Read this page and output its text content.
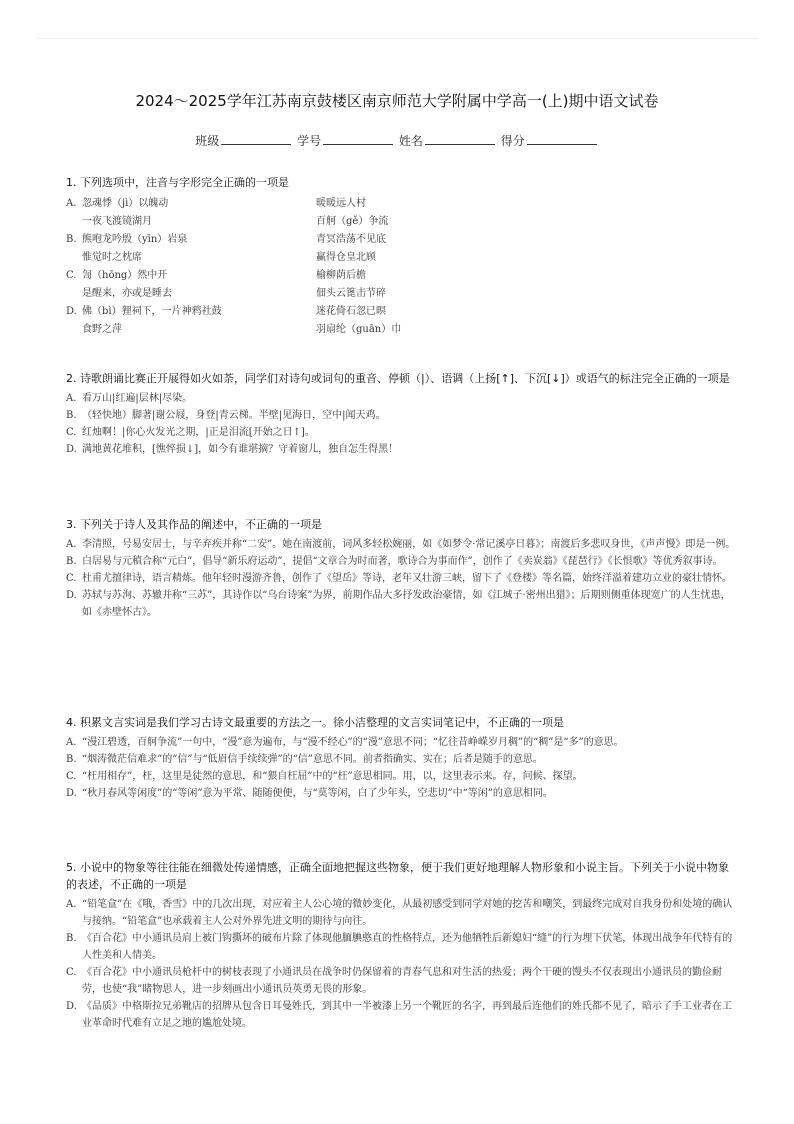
2024～2025学年江苏南京鼓楼区南京师范大学附属中学高一(上)期中语文试卷
班级	学号	姓名	得分
1. 下列选项中，注音与字形完全正确的一项是
A. 忽魂悸（jì）以魄动	暖暖远人村
一夜飞渡镜湖月	百舸（gě）争流
B. 熊咆龙吟殷（yīn）岩泉	青冥浩荡不见底
惟觉时之枕席	赢得仓皇北顾
C. 訇（hōng）然中开	榆柳荫后檐
是醒来，亦或是睡去	佃头云篦击节碎
D. 佛（bì）狸祠下，一片神鸦社鼓	迷花倚石忽已暝
食野之萍	羽扇纶（guān）巾
2. 诗歌朗诵比赛正开展得如火如荼，同学们对诗句或词句的重音、停顿（|）、语调（上扬[↑]、下沉[↓]）或语气的标注完全正确的一项是
A. 看万山|红遍|层林|尽染。
B. （轻快地）脚著|谢公屐，身登|青云梯。半壁|见海日，空中|闻天鸡。
C. 红烛啊！|你心火发光之期，|正是泪流[开始之日↑]。
D. 满地黄花堆积，[憔悴损↓]，如今有谁堪摘？守着窗儿，独自怎生得黑！
3. 下列关于诗人及其作品的阐述中，不正确的一项是
A. 李清照，号易安居士，与辛弃疾并称“二安”。她在南渡前，词风多轻松婉丽，如《如梦令·常记溪亭日暮》；南渡后多悲叹身世，《声声慢》即是一例。
B. 白居易与元稹合称“元白”，倡导“新乐府运动”，提倡“文章合为时而著，歌诗合为事而作”，创作了《卖炭翁》《琵琶行》《长恨歌》等优秀叙事诗。
C. 杜甫尤擅律诗，语言精炼。他年轻时漫游齐鲁，创作了《望岳》等诗，老年又壮游三峡，留下了《登楼》等名篇，始终洋溢着建功立业的豪壮情怀。
D. 苏轼与苏洵、苏辙并称“三苏”，其诗作以“乌台诗案”为界，前期作品大多抒发政治豪情，如《江城子·密州出猎》；后期则侧重体现宽广的人生忧患，如《赤壁怀古》。
4. 积累文言实词是我们学习古诗文最重要的方法之一。徐小洁整理的文言实词笔记中，不正确的一项是
A. “漫江碧透，百舸争流”一句中，“漫”意为遍布，与“漫不经心”的“漫”意思不同；“忆往昔峥嵘岁月稠”的“稠”是“多”的意思。
B. “烟涛微茫信难求”的“信”与“低眉信手续续弹”的“信”意思不同。前者指确实、实在；后者是随手的意思。
C. “枉用相存”，枉，这里是徒然的意思，和“猥自枉屈”中的“枉”意思相同。用，以，这里表示来。存，问候、探望。
D. “秋月春风等闲度”的“等闲”意为平常、随随便便，与“莫等闲，白了少年头，空悲切”中“等闲”的意思相同。
5. 小说中的物象等往往能在细微处传递情感，正确全面地把握这些物象，便于我们更好地理解人物形象和小说主旨。下列关于小说中物象的表述，不正确的一项是
A. “铅笔盒”在《哦，香雪》中的几次出现，对应着主人公心境的微妙变化，从最初感受到同学对她的挖苦和嘲笑，到最终完成对自我身份和处境的确认与接纳。“铅笔盒”也承载着主人公对外界先进文明的期待与向往。
B. 《百合花》中小通讯员肩上被门钩撕坏的破布片除了体现他腼腆憨直的性格特点，还为他牺牲后新媳妇“缝”的行为埋下伏笔，体现出战争年代特有的人性美和人情美。
C. 《百合花》中小通讯员枪杆中的树枝表现了小通讯员在战争时仍保留着的青春气息和对生活的热爱；两个干硬的馒头不仅表现出小通讯员的勤俭耐劳，也使“我”睹物思人，进一步刻画出小通讯员英勇无畏的形象。
D. 《品质》中格斯拉兄弟靴店的招牌从包含日耳曼姓氏，到其中一半被漆上另一个靴匠的名字，再到最后连他们的姓氏都不见了，暗示了手工业者在工业革命时代难有立足之地的尴尬处境。
